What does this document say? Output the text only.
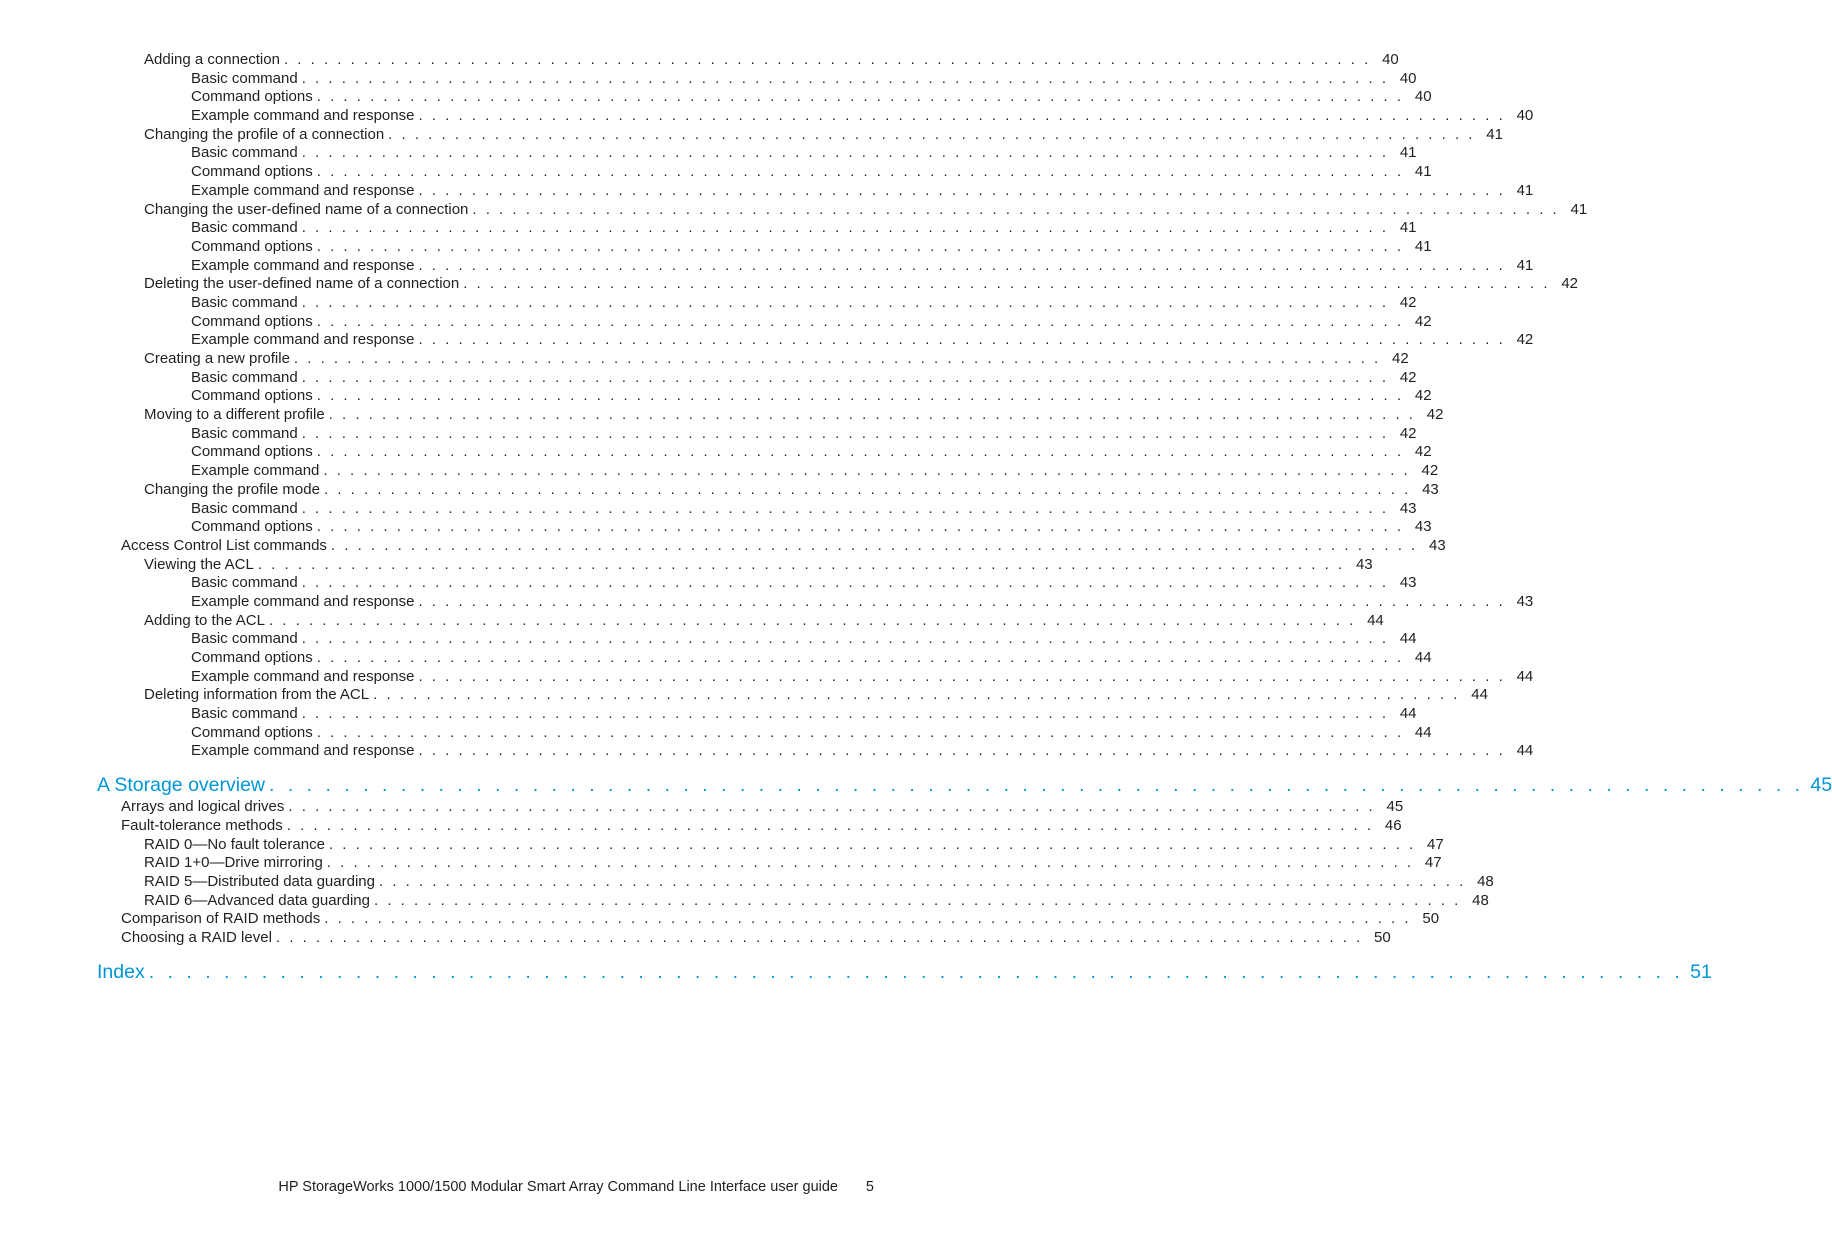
Adding a connection . . . . . . . . . . . . . . . . . . . . . . . . . . . . . . . . . . . . . . . . . . . . . . . . . . . . . . . . . . . . . . . . . . . . . . . . . . . . . . . . . . 40
Basic command . . . . . . . . . . . . . . . . . . . . . . . . . . . . . . . . . . . . . . . . . . . . . . . . . . . . . . . . . . . . . . . . . . . . . . . . . . . . . . . . . . 40
Command options . . . . . . . . . . . . . . . . . . . . . . . . . . . . . . . . . . . . . . . . . . . . . . . . . . . . . . . . . . . . . . . . . . . . . . . . . . . . . . . . . . 40
Example command and response . . . . . . . . . . . . . . . . . . . . . . . . . . . . . . . . . . . . . . . . . . . . . . . . . . . . . . . . . . . . . . . . . . . . . . . . . . . . . . . . . . 40
Changing the profile of a connection . . . . . . . . . . . . . . . . . . . . . . . . . . . . . . . . . . . . . . . . . . . . . . . . . . . . . . . . . . . . . . . . . . . . . . . . . . . . . . . . . . 41
Basic command . . . . . . . . . . . . . . . . . . . . . . . . . . . . . . . . . . . . . . . . . . . . . . . . . . . . . . . . . . . . . . . . . . . . . . . . . . . . . . . . . . 41
Command options . . . . . . . . . . . . . . . . . . . . . . . . . . . . . . . . . . . . . . . . . . . . . . . . . . . . . . . . . . . . . . . . . . . . . . . . . . . . . . . . . . 41
Example command and response . . . . . . . . . . . . . . . . . . . . . . . . . . . . . . . . . . . . . . . . . . . . . . . . . . . . . . . . . . . . . . . . . . . . . . . . . . . . . . . . . . 41
Changing the user-defined name of a connection . . . . . . . . . . . . . . . . . . . . . . . . . . . . . . . . . . . . . . . . . . . . . . . . . . . . . . . . . . . . . . . . . . . . . . . . . . . . . . . . . . 41
Basic command . . . . . . . . . . . . . . . . . . . . . . . . . . . . . . . . . . . . . . . . . . . . . . . . . . . . . . . . . . . . . . . . . . . . . . . . . . . . . . . . . . 41
Command options . . . . . . . . . . . . . . . . . . . . . . . . . . . . . . . . . . . . . . . . . . . . . . . . . . . . . . . . . . . . . . . . . . . . . . . . . . . . . . . . . . 41
Example command and response . . . . . . . . . . . . . . . . . . . . . . . . . . . . . . . . . . . . . . . . . . . . . . . . . . . . . . . . . . . . . . . . . . . . . . . . . . . . . . . . . . 41
Deleting the user-defined name of a connection . . . . . . . . . . . . . . . . . . . . . . . . . . . . . . . . . . . . . . . . . . . . . . . . . . . . . . . . . . . . . . . . . . . . . . . . . . . . . . . . . . 42
Basic command . . . . . . . . . . . . . . . . . . . . . . . . . . . . . . . . . . . . . . . . . . . . . . . . . . . . . . . . . . . . . . . . . . . . . . . . . . . . . . . . . . 42
Command options . . . . . . . . . . . . . . . . . . . . . . . . . . . . . . . . . . . . . . . . . . . . . . . . . . . . . . . . . . . . . . . . . . . . . . . . . . . . . . . . . . 42
Example command and response . . . . . . . . . . . . . . . . . . . . . . . . . . . . . . . . . . . . . . . . . . . . . . . . . . . . . . . . . . . . . . . . . . . . . . . . . . . . . . . . . . 42
Creating a new profile . . . . . . . . . . . . . . . . . . . . . . . . . . . . . . . . . . . . . . . . . . . . . . . . . . . . . . . . . . . . . . . . . . . . . . . . . . . . . . . . . . 42
Basic command . . . . . . . . . . . . . . . . . . . . . . . . . . . . . . . . . . . . . . . . . . . . . . . . . . . . . . . . . . . . . . . . . . . . . . . . . . . . . . . . . . 42
Command options . . . . . . . . . . . . . . . . . . . . . . . . . . . . . . . . . . . . . . . . . . . . . . . . . . . . . . . . . . . . . . . . . . . . . . . . . . . . . . . . . . 42
Moving to a different profile . . . . . . . . . . . . . . . . . . . . . . . . . . . . . . . . . . . . . . . . . . . . . . . . . . . . . . . . . . . . . . . . . . . . . . . . . . . . . . . . . . 42
Basic command . . . . . . . . . . . . . . . . . . . . . . . . . . . . . . . . . . . . . . . . . . . . . . . . . . . . . . . . . . . . . . . . . . . . . . . . . . . . . . . . . . 42
Command options . . . . . . . . . . . . . . . . . . . . . . . . . . . . . . . . . . . . . . . . . . . . . . . . . . . . . . . . . . . . . . . . . . . . . . . . . . . . . . . . . . 42
Example command . . . . . . . . . . . . . . . . . . . . . . . . . . . . . . . . . . . . . . . . . . . . . . . . . . . . . . . . . . . . . . . . . . . . . . . . . . . . . . . . . . 42
Changing the profile mode . . . . . . . . . . . . . . . . . . . . . . . . . . . . . . . . . . . . . . . . . . . . . . . . . . . . . . . . . . . . . . . . . . . . . . . . . . . . . . . . . . 43
Basic command . . . . . . . . . . . . . . . . . . . . . . . . . . . . . . . . . . . . . . . . . . . . . . . . . . . . . . . . . . . . . . . . . . . . . . . . . . . . . . . . . . 43
Command options . . . . . . . . . . . . . . . . . . . . . . . . . . . . . . . . . . . . . . . . . . . . . . . . . . . . . . . . . . . . . . . . . . . . . . . . . . . . . . . . . . 43
Access Control List commands . . . . . . . . . . . . . . . . . . . . . . . . . . . . . . . . . . . . . . . . . . . . . . . . . . . . . . . . . . . . . . . . . . . . . . . . . . . . . . . . . . 43
Viewing the ACL . . . . . . . . . . . . . . . . . . . . . . . . . . . . . . . . . . . . . . . . . . . . . . . . . . . . . . . . . . . . . . . . . . . . . . . . . . . . . . . . . . 43
Basic command . . . . . . . . . . . . . . . . . . . . . . . . . . . . . . . . . . . . . . . . . . . . . . . . . . . . . . . . . . . . . . . . . . . . . . . . . . . . . . . . . . 43
Example command and response . . . . . . . . . . . . . . . . . . . . . . . . . . . . . . . . . . . . . . . . . . . . . . . . . . . . . . . . . . . . . . . . . . . . . . . . . . . . . . . . . . 43
Adding to the ACL . . . . . . . . . . . . . . . . . . . . . . . . . . . . . . . . . . . . . . . . . . . . . . . . . . . . . . . . . . . . . . . . . . . . . . . . . . . . . . . . . . 44
Basic command . . . . . . . . . . . . . . . . . . . . . . . . . . . . . . . . . . . . . . . . . . . . . . . . . . . . . . . . . . . . . . . . . . . . . . . . . . . . . . . . . . 44
Command options . . . . . . . . . . . . . . . . . . . . . . . . . . . . . . . . . . . . . . . . . . . . . . . . . . . . . . . . . . . . . . . . . . . . . . . . . . . . . . . . . . 44
Example command and response . . . . . . . . . . . . . . . . . . . . . . . . . . . . . . . . . . . . . . . . . . . . . . . . . . . . . . . . . . . . . . . . . . . . . . . . . . . . . . . . . . 44
Deleting information from the ACL . . . . . . . . . . . . . . . . . . . . . . . . . . . . . . . . . . . . . . . . . . . . . . . . . . . . . . . . . . . . . . . . . . . . . . . . . . . . . . . . . . 44
Basic command . . . . . . . . . . . . . . . . . . . . . . . . . . . . . . . . . . . . . . . . . . . . . . . . . . . . . . . . . . . . . . . . . . . . . . . . . . . . . . . . . . 44
Command options . . . . . . . . . . . . . . . . . . . . . . . . . . . . . . . . . . . . . . . . . . . . . . . . . . . . . . . . . . . . . . . . . . . . . . . . . . . . . . . . . . 44
Example command and response . . . . . . . . . . . . . . . . . . . . . . . . . . . . . . . . . . . . . . . . . . . . . . . . . . . . . . . . . . . . . . . . . . . . . . . . . . . . . . . . . . 44
A Storage overview . . . . . . . . . . . . . . . . . . . . . . . . . . . . . . . . . . . . . . . . . . . . . . . . . . . . . . . . . . . . . . . . . . . . . . . . . . . . . . . . . . 45
Arrays and logical drives . . . . . . . . . . . . . . . . . . . . . . . . . . . . . . . . . . . . . . . . . . . . . . . . . . . . . . . . . . . . . . . . . . . . . . . . . . . . . . . . . . 45
Fault-tolerance methods . . . . . . . . . . . . . . . . . . . . . . . . . . . . . . . . . . . . . . . . . . . . . . . . . . . . . . . . . . . . . . . . . . . . . . . . . . . . . . . . . . 46
RAID 0—No fault tolerance . . . . . . . . . . . . . . . . . . . . . . . . . . . . . . . . . . . . . . . . . . . . . . . . . . . . . . . . . . . . . . . . . . . . . . . . . . . . . . . . . . 47
RAID 1+0—Drive mirroring . . . . . . . . . . . . . . . . . . . . . . . . . . . . . . . . . . . . . . . . . . . . . . . . . . . . . . . . . . . . . . . . . . . . . . . . . . . . . . . . . . 47
RAID 5—Distributed data guarding . . . . . . . . . . . . . . . . . . . . . . . . . . . . . . . . . . . . . . . . . . . . . . . . . . . . . . . . . . . . . . . . . . . . . . . . . . . . . . . . . . 48
RAID 6—Advanced data guarding . . . . . . . . . . . . . . . . . . . . . . . . . . . . . . . . . . . . . . . . . . . . . . . . . . . . . . . . . . . . . . . . . . . . . . . . . . . . . . . . . . 48
Comparison of RAID methods . . . . . . . . . . . . . . . . . . . . . . . . . . . . . . . . . . . . . . . . . . . . . . . . . . . . . . . . . . . . . . . . . . . . . . . . . . . . . . . . . . 50
Choosing a RAID level . . . . . . . . . . . . . . . . . . . . . . . . . . . . . . . . . . . . . . . . . . . . . . . . . . . . . . . . . . . . . . . . . . . . . . . . . . . . . . . . . . 50
Index . . . . . . . . . . . . . . . . . . . . . . . . . . . . . . . . . . . . . . . . . . . . . . . . . . . . . . . . . . . . . . . . . . . . . . . . . . . . . . . . . . 51
HP StorageWorks 1000/1500 Modular Smart Array Command Line Interface user guide 5
